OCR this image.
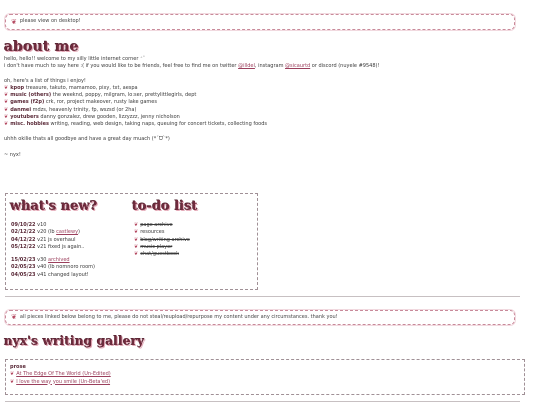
❦ please view on desktop!
about me
hello, hello!! welcome to my silly little internet corner ⁺˚
i don't have much to say here :( if you would like to be friends, feel free to find me on twitter @illdel, instagram @sicaurtd or discord (nuyele #9548)!
oh, here's a list of things i enjoy!
❦ kpop treasure, takuto, mamamoo, pixy, txt, aespa
❦ music (others) the weeknd, poppy, milgram, lo:ser, prettylittlegirls, dept
❦ games (f2p) crk, ror, project makeover, rusty lake games
❦ danmei mdzs, heavenly trinity, fp, wszsd (or 2ha)
❦ youtubers danny gonzalez, drew gooden, lizzyzzz, jenny nicholson
❦ misc. hobbies writing, reading, web design, taking naps, queuing for concert tickets, collecting foods
uhhh okilie thats all goodbye and have a great day muach (*ˊᗜˋ*)
~ nyx!
what's new?
09/10/22 v10
02/12/22 v20 (lb castlewy)
04/12/22 v21 js overhaul
05/12/22 v21 fixed js again..
15/02/23 v30 archived
02/05/23 v40 (lb nomnoro room)
04/05/23 v41 changed layout!
to-do list
❦ page archive
❦ resources
❦ blog/writing archive
❦ music player
❦ chat/guestbook
❦ all pieces linked below belong to me, please do not steal/reupload/repurpose my content under any circumstances. thank you!
nyx's writing gallery
prose
❦ At The Edge Of The World (Un-Edited)
❦ I love the way you smile (Un-Beta'ed)
